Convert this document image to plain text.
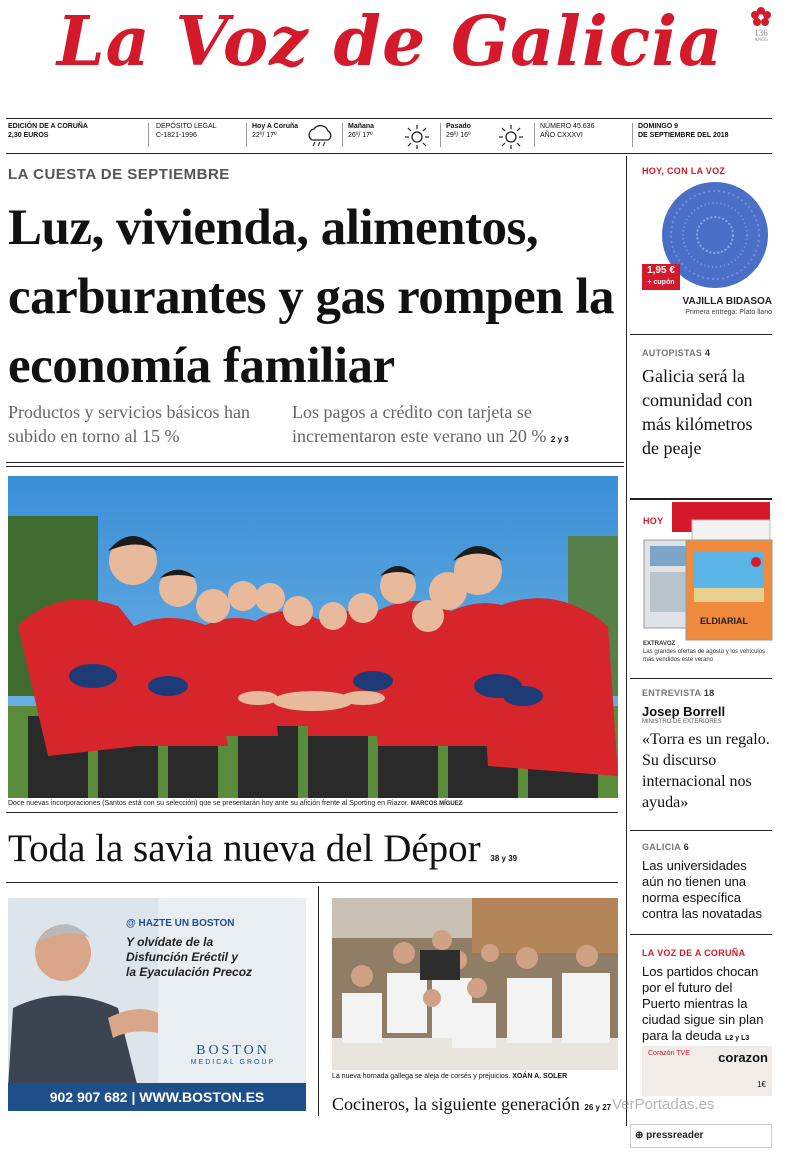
La Voz de Galicia	136
ANOS
EDICIÓN DE A CORUÑA
2,30 EUROS
DEPÓSITO LEGAL
C-1821-1996
Hoy A Coruña
22º/ 17º
Mañana
26º/ 17º
Pasado
29º/ 16º
NÚMERO 45.636
AÑO CXXXVI
DOMINGO 9
DE SEPTIEMBRE DEL 2018
LA CUESTA DE SEPTIEMBRE
Luz, vivienda, alimentos, carburantes y gas rompen la economía familiar
Productos y servicios básicos han subido en torno al 15 %
Los pagos a crédito con tarjeta se incrementaron este verano un 20 % 2 y 3
Doce nuevas incorporaciones (Santos está con su selección) que se presentarán hoy ante su afición frente al Sporting en Riazor. MARCOS MÍGUEZ
Toda la savia nueva del Dépor 38 y 39
@ HAZTE UN BOSTON
Y olvídate de la
Disfunción Eréctil y
la Eyaculación Precoz
BOSTON
MEDICAL GROUP
902 907 682 | WWW.BOSTON.ES
La nueva hornada gallega se aleja de corsés y prejuicios. XOÁN A. SOLER
Cocineros, la siguiente generación 26 y 27
HOY, CON LA VOZ
1,95 €
+ cupón
VAJILLA BIDASOA
Primera entrega: Plato llano
AUTOPISTAS 4
Galicia será la comunidad con más kilómetros de peaje
HOY
ELDIARIAL
EXTRAVOZ
Las grandes ofertas de agosto y los vehículos más vendidos este verano
ENTREVISTA 18
Josep Borrell
MINISTRO DE EXTERIORES
«Torra es un regalo. Su discurso internacional nos ayuda»
GALICIA 6
Las universidades aún no tienen una norma específica contra las novatadas
LA VOZ DE A CORUÑA
Los partidos chocan por el futuro del Puerto mientras la ciudad sigue sin plan para la deuda L2 y L3
Corazón TVE corazon
1€
⊕ pressreader
VerPortadas.es
